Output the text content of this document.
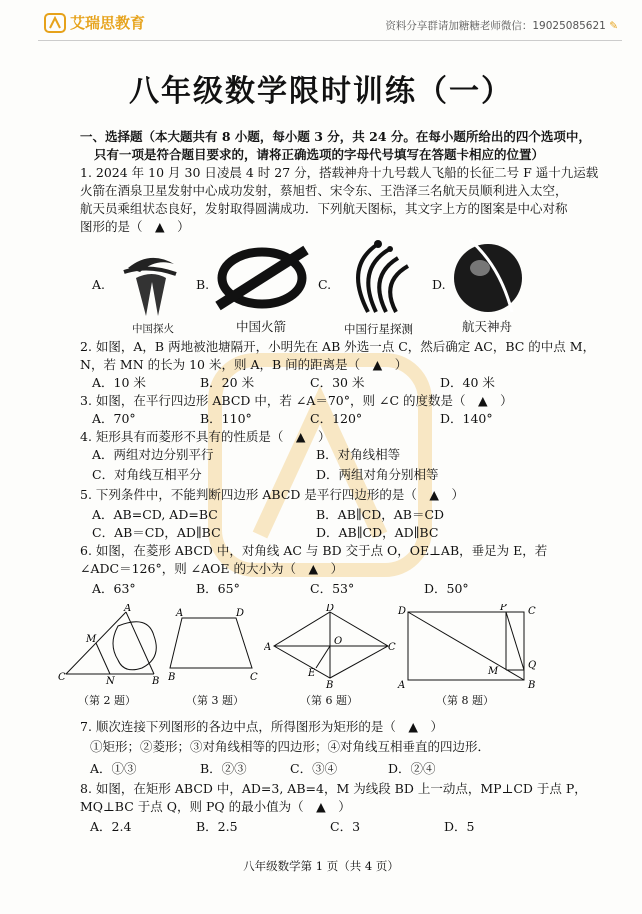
艾瑞思教育	资料分享群请加糖糖老师微信：19025085621 ✎
八年级数学限时训练（一）
一、选择题（本大题共有 8 小题，每小题 3 分，共 24 分。在每小题所给出的四个选项中，
只有一项是符合题目要求的，请将正确选项的字母代号填写在答题卡相应的位置）
1. 2024 年 10 月 30 日凌晨 4 时 27 分，搭载神舟十九号载人飞船的长征二号 F 遥十九运载
火箭在酒泉卫星发射中心成功发射，蔡旭哲、宋令东、王浩泽三名航天员顺利进入太空，
航天员乘组状态良好，发射取得圆满成功．下列航天图标，其文字上方的图案是中心对称
图形的是（　▲　）
A.
中国探火
B.
中国火箭
C.
中国行星探测
D.
航天神舟
2. 如图，A，B 两地被池塘隔开，小明先在 AB 外选一点 C，然后确定 AC，BC 的中点 M，
N，若 MN 的长为 10 米，则 A，B 间的距离是（　▲　）
A．10 米	B．20 米	C．30 米	D．40 米
3. 如图，在平行四边形 ABCD 中，若 ∠A＝70°，则 ∠C 的度数是（　▲　）
A．70°	B．110°	C．120°	D．140°
4. 矩形具有而菱形不具有的性质是（　▲　）
A．两组对边分别平行	B．对角线相等
C．对角线互相平分	D．两组对角分别相等
5. 下列条件中，不能判断四边形 ABCD 是平行四边形的是（　▲　）
A．AB=CD, AD=BC	B．AB∥CD，AB＝CD
C．AB＝CD，AD∥BC	D．AB∥CD，AD∥BC
6. 如图，在菱形 ABCD 中，对角线 AC 与 BD 交于点 O，OE⊥AB，垂足为 E，若
∠ADC＝126°，则 ∠AOE 的大小为（　▲　）
A．63°	B．65°	C．53°	D．50°
A
M
C	N	B
（第 2 题）
A	D
B	C
（第 3 题）
D
A
O
C
E
B
（第 6 题）
D	P C
M
Q
A	B
（第 8 题）
7. 顺次连接下列图形的各边中点，所得图形为矩形的是（　▲　）
①矩形；②菱形；③对角线相等的四边形；④对角线互相垂直的四边形．
A．①③	B．②③	C．③④	D．②④
8. 如图，在矩形 ABCD 中，AD=3, AB=4，M 为线段 BD 上一动点，MP⊥CD 于点 P，
MQ⊥BC 于点 Q，则 PQ 的最小值为（　▲　）
A．2.4	B．2.5	C．3	D．5
八年级数学第 1 页（共 4 页）
